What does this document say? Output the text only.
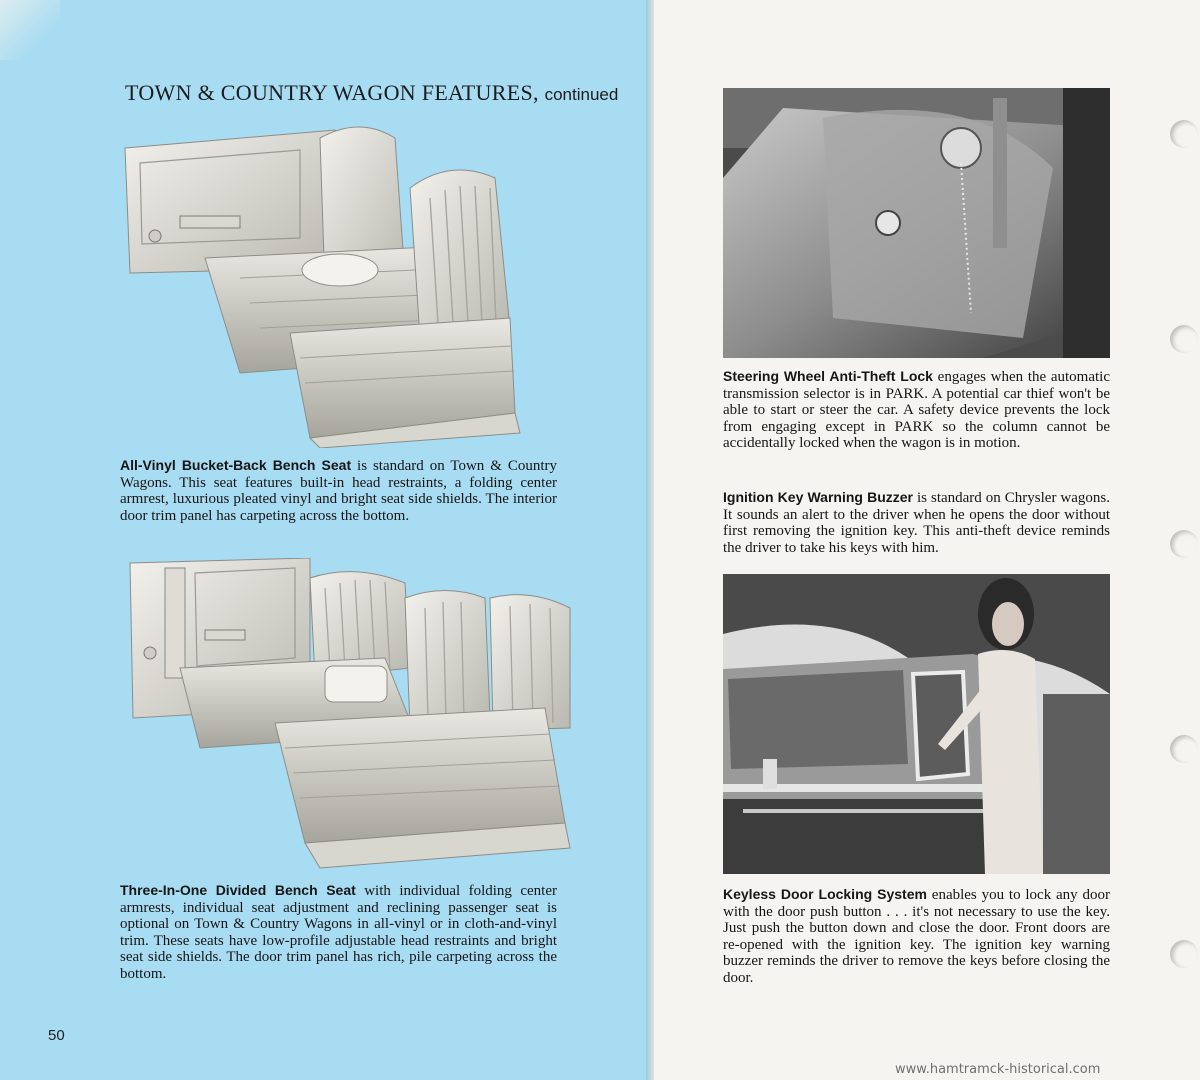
TOWN & COUNTRY WAGON FEATURES, continued
All-Vinyl Bucket-Back Bench Seat is standard on Town & Country Wagons. This seat features built-in head restraints, a folding center armrest, luxurious pleated vinyl and bright seat side shields. The interior door trim panel has carpeting across the bottom.
Three-In-One Divided Bench Seat with individual folding center armrests, individual seat adjustment and reclining passenger seat is optional on Town & Country Wagons in all-vinyl or in cloth-and-vinyl trim. These seats have low-profile adjustable head restraints and bright seat side shields. The door trim panel has rich, pile carpeting across the bottom.
50
Steering Wheel Anti-Theft Lock engages when the automatic transmission selector is in PARK. A potential car thief won't be able to start or steer the car. A safety device prevents the lock from engaging except in PARK so the column cannot be accidentally locked when the wagon is in motion.
Ignition Key Warning Buzzer is standard on Chrysler wagons. It sounds an alert to the driver when he opens the door without first removing the ignition key. This anti-theft device reminds the driver to take his keys with him.
Keyless Door Locking System enables you to lock any door with the door push button . . . it's not necessary to use the key. Just push the button down and close the door. Front doors are re-opened with the ignition key. The ignition key warning buzzer reminds the driver to remove the keys before closing the door.
www.hamtramck-historical.com
